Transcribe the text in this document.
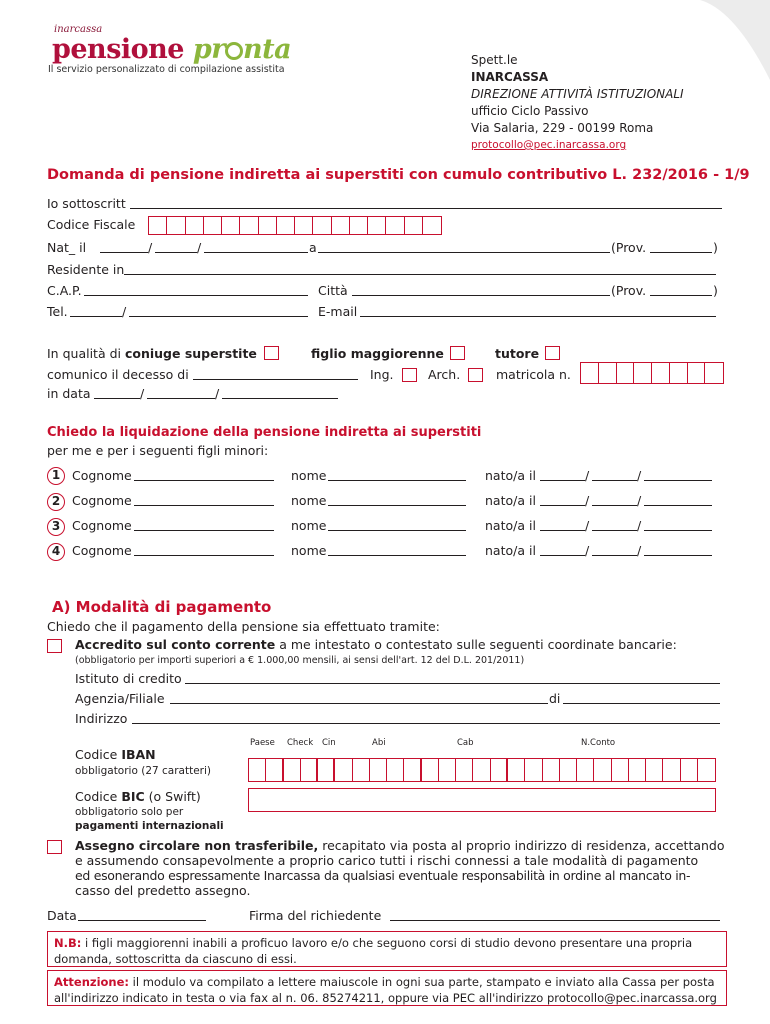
inarcassa
pensione pr nta
Il servizio personalizzato di compilazione assistita
Spett.le
INARCASSA
DIREZIONE ATTIVITÀ ISTITUZIONALI
ufficio Ciclo Passivo
Via Salaria, 229 - 00199 Roma
protocollo@pec.inarcassa.org
Domanda di pensione indiretta ai superstiti con cumulo contributivo L. 232/2016 - 1/9
Io sottoscritt
Codice Fiscale
Nat_ il	/	/	a	(Prov.	)
Residente in
C.A.P.	Città	(Prov.	)
Tel.	/	E-mail
In qualità di coniuge superstite	figlio maggiorenne	tutore
comunico il decesso di	Ing.	Arch.	matricola n.
in data	/	/
Chiedo la liquidazione della pensione indiretta ai superstiti
per me e per i seguenti figli minori:
1 Cognome	nome	nato/a il	/	/
2 Cognome	nome	nato/a il	/	/
3 Cognome	nome	nato/a il	/	/
4 Cognome	nome	nato/a il	/	/
A) Modalità di pagamento
Chiedo che il pagamento della pensione sia effettuato tramite:
Accredito sul conto corrente a me intestato o contestato sulle seguenti coordinate bancarie:
(obbligatorio per importi superiori a € 1.000,00 mensili, ai sensi dell'art. 12 del D.L. 201/2011)
Istituto di credito
Agenzia/Filiale	di
Indirizzo
Paese Check Cin	Abi	Cab	N.Conto
Codice IBAN
obbligatorio (27 caratteri)
Codice BIC (o Swift)
obbligatorio solo per
pagamenti internazionali
Assegno circolare non trasferibile, recapitato via posta al proprio indirizzo di residenza, accettando
e assumendo consapevolmente a proprio carico tutti i rischi connessi a tale modalità di pagamento
ed esonerando espressamente Inarcassa da qualsiasi eventuale responsabilità in ordine al mancato in-
casso del predetto assegno.
Data	Firma del richiedente
N.B: i figli maggiorenni inabili a proficuo lavoro e/o che seguono corsi di studio devono presentare una propria
domanda, sottoscritta da ciascuno di essi.
Attenzione: il modulo va compilato a lettere maiuscole in ogni sua parte, stampato e inviato alla Cassa per posta
all'indirizzo indicato in testa o via fax al n. 06. 85274211, oppure via PEC all'indirizzo protocollo@pec.inarcassa.org
